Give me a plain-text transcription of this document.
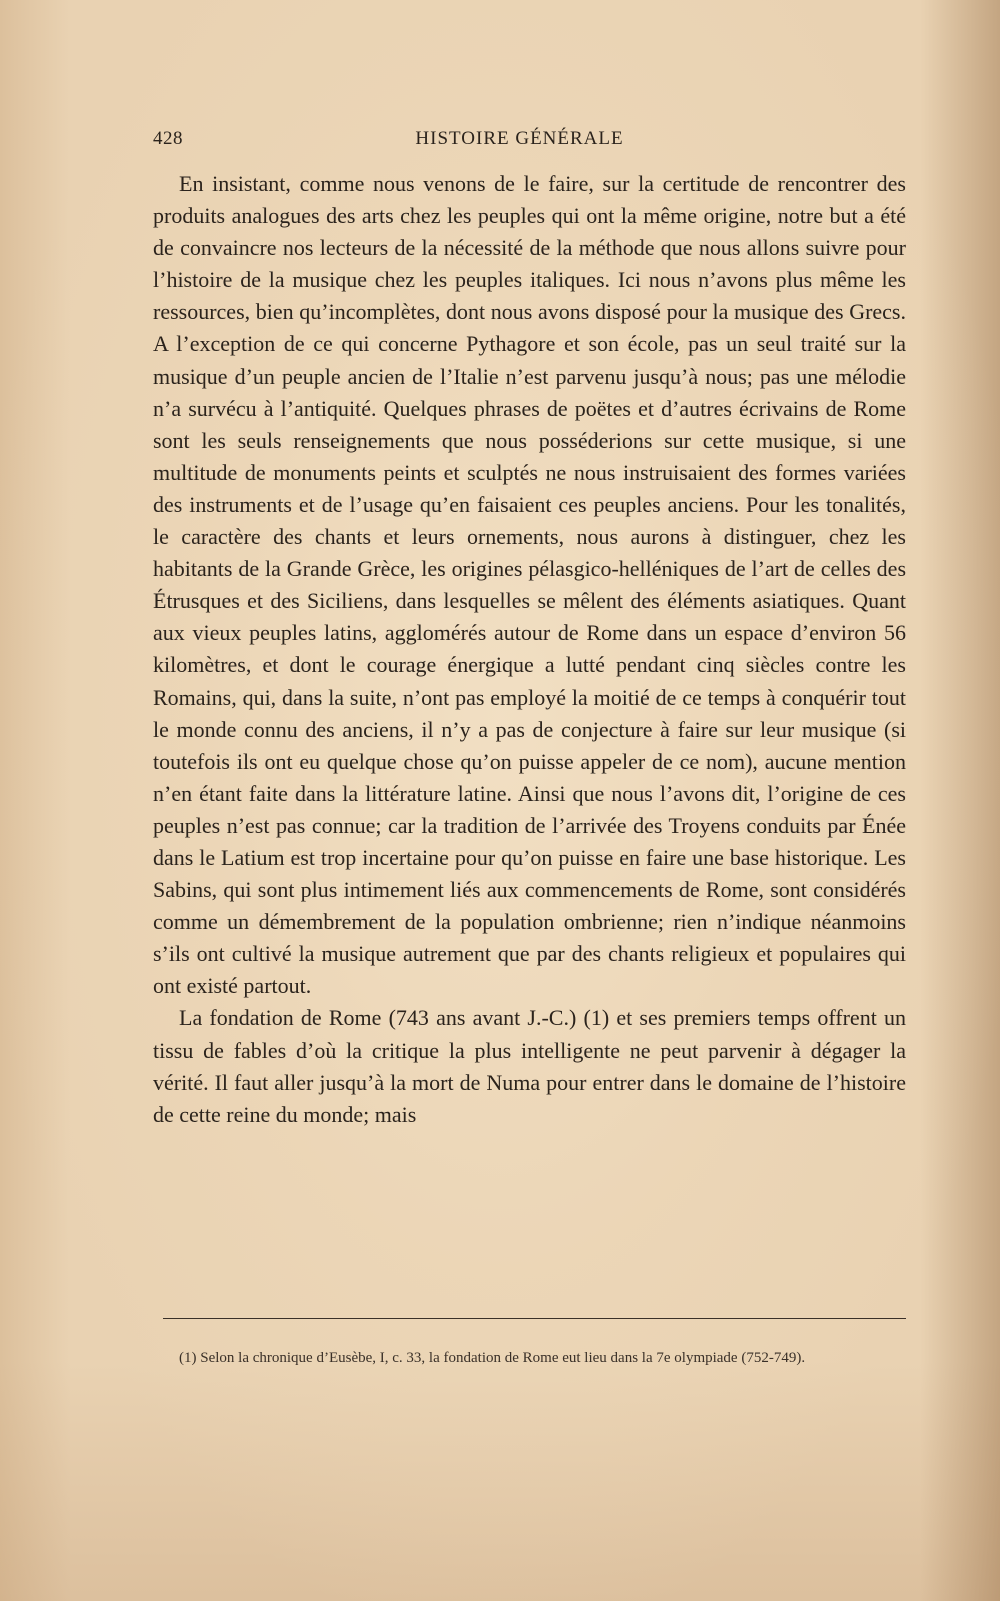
428	HISTOIRE GÉNÉRALE

En insistant, comme nous venons de le faire, sur la certitude de rencontrer des produits analogues des arts chez les peuples qui ont la même origine, notre but a été de convaincre nos lecteurs de la nécessité de la méthode que nous allons suivre pour l’histoire de la musique chez les peuples italiques. Ici nous n’avons plus même les ressources, bien qu’incomplètes, dont nous avons disposé pour la musique des Grecs. A l’exception de ce qui concerne Pythagore et son école, pas un seul traité sur la musique d’un peuple ancien de l’Italie n’est parvenu jusqu’à nous; pas une mélodie n’a survécu à l’antiquité. Quelques phrases de poëtes et d’autres écrivains de Rome sont les seuls renseignements que nous posséderions sur cette musique, si une multitude de monuments peints et sculptés ne nous instruisaient des formes variées des instruments et de l’usage qu’en faisaient ces peuples anciens. Pour les tonalités, le caractère des chants et leurs ornements, nous aurons à distinguer, chez les habitants de la Grande Grèce, les origines pélasgico-helléniques de l’art de celles des Étrusques et des Siciliens, dans lesquelles se mêlent des éléments asiatiques. Quant aux vieux peuples latins, agglomérés autour de Rome dans un espace d’environ 56 kilomètres, et dont le courage énergique a lutté pendant cinq siècles contre les Romains, qui, dans la suite, n’ont pas employé la moitié de ce temps à conquérir tout le monde connu des anciens, il n’y a pas de conjecture à faire sur leur musique (si toutefois ils ont eu quelque chose qu’on puisse appeler de ce nom), aucune mention n’en étant faite dans la littérature latine. Ainsi que nous l’avons dit, l’origine de ces peuples n’est pas connue; car la tradition de l’arrivée des Troyens conduits par Énée dans le Latium est trop incertaine pour qu’on puisse en faire une base historique. Les Sabins, qui sont plus intimement liés aux commencements de Rome, sont considérés comme un démembrement de la population ombrienne; rien n’indique néanmoins s’ils ont cultivé la musique autrement que par des chants religieux et populaires qui ont existé partout.

La fondation de Rome (743 ans avant J.-C.) (1) et ses premiers temps offrent un tissu de fables d’où la critique la plus intelligente ne peut parvenir à dégager la vérité. Il faut aller jusqu’à la mort de Numa pour entrer dans le domaine de l’histoire de cette reine du monde; mais

(1) Selon la chronique d’Eusèbe, I, c. 33, la fondation de Rome eut lieu dans la 7e olympiade (752-749).
